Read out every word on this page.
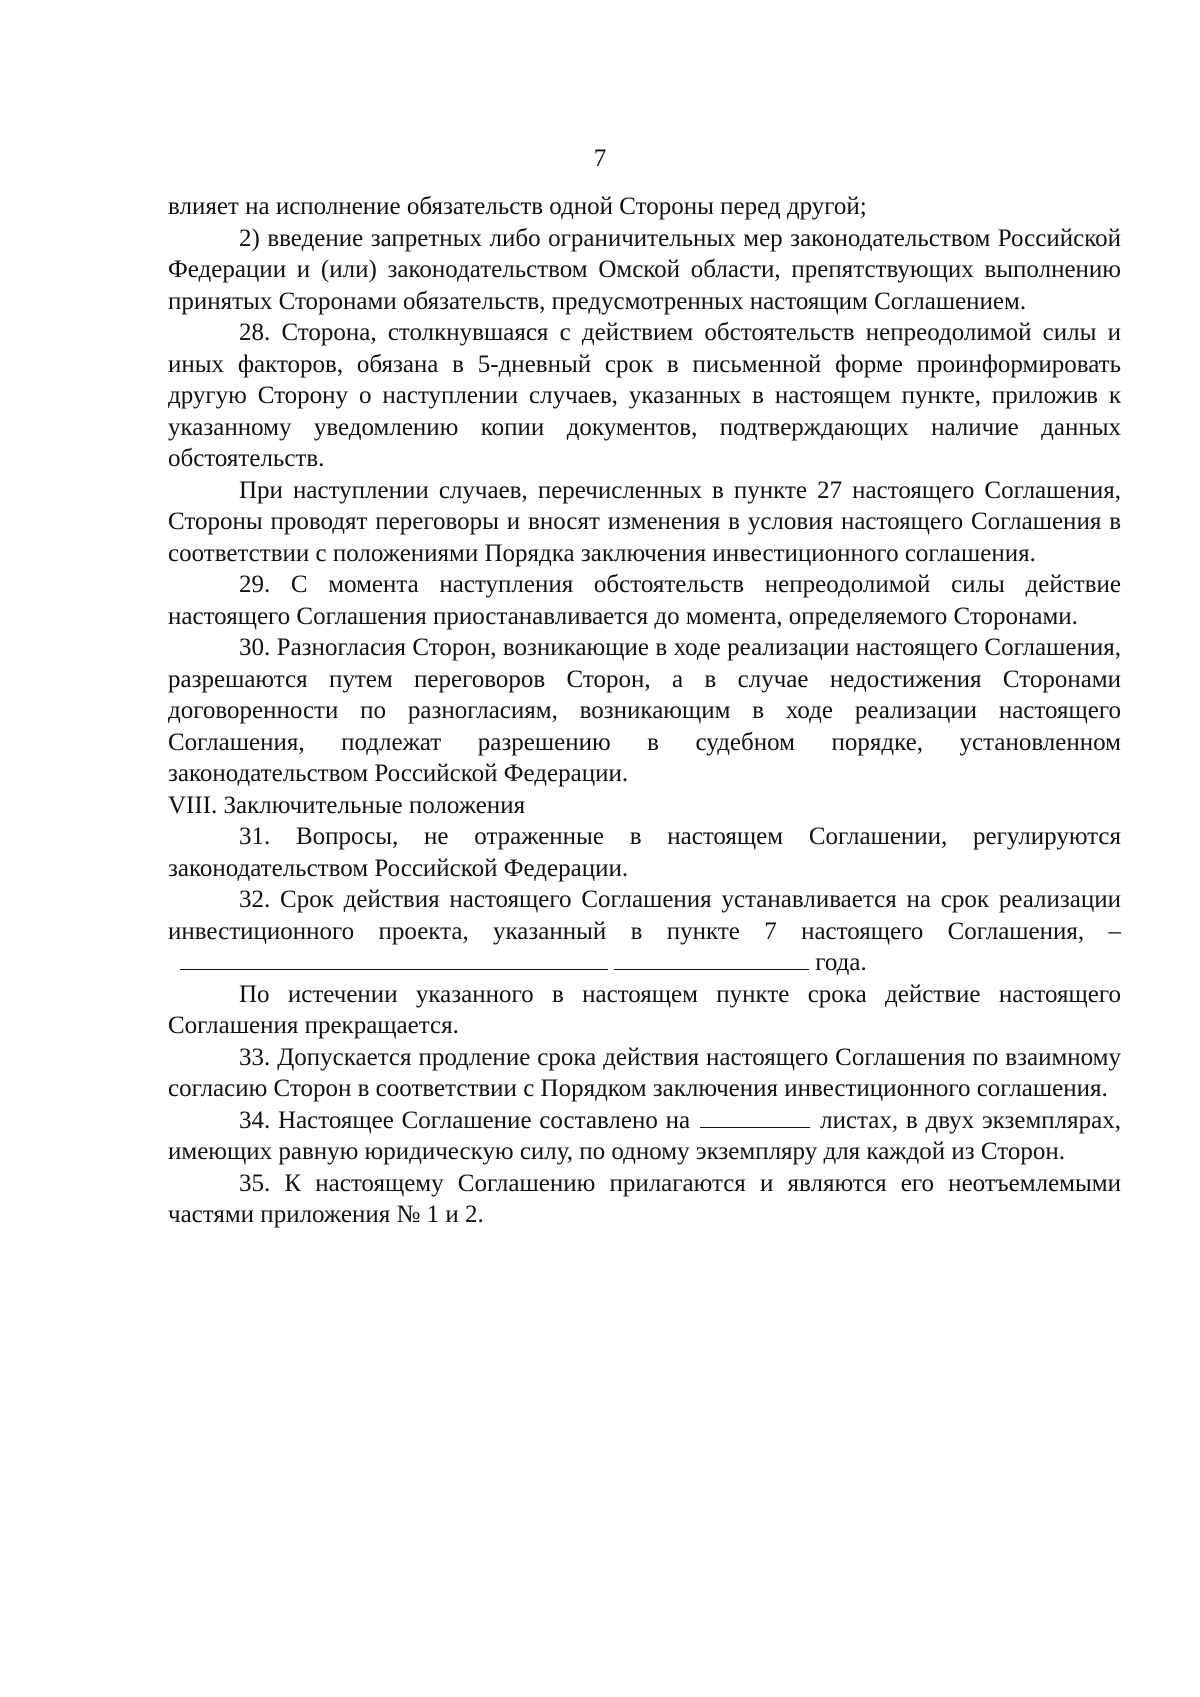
7

влияет на исполнение обязательств одной Стороны перед другой;

2) введение запретных либо ограничительных мер законодательством Российской Федерации и (или) законодательством Омской области, препятствующих выполнению принятых Сторонами обязательств, предусмотренных настоящим Соглашением.

28. Сторона, столкнувшаяся с действием обстоятельств непреодолимой силы и иных факторов, обязана в 5-дневный срок в письменной форме проинформировать другую Сторону о наступлении случаев, указанных в настоящем пункте, приложив к указанному уведомлению копии документов, подтверждающих наличие данных обстоятельств.

При наступлении случаев, перечисленных в пункте 27 настоящего Соглашения, Стороны проводят переговоры и вносят изменения в условия настоящего Соглашения в соответствии с положениями Порядка заключения инвестиционного соглашения.

29. С момента наступления обстоятельств непреодолимой силы действие настоящего Соглашения приостанавливается до момента, определяемого Сторонами.

30. Разногласия Сторон, возникающие в ходе реализации настоящего Соглашения, разрешаются путем переговоров Сторон, а в случае недостижения Сторонами договоренности по разногласиям, возникающим в ходе реализации настоящего Соглашения, подлежат разрешению в судебном порядке, установленном законодательством Российской Федерации.

VIII. Заключительные положения

31. Вопросы, не отраженные в настоящем Соглашении, регулируются законодательством Российской Федерации.

32. Срок действия настоящего Соглашения устанавливается на срок реализации инвестиционного проекта, указанный в пункте 7 настоящего Соглашения, – года.

По истечении указанного в настоящем пункте срока действие настоящего Соглашения прекращается.

33. Допускается продление срока действия настоящего Соглашения по взаимному согласию Сторон в соответствии с Порядком заключения инвестиционного соглашения.

34. Настоящее Соглашение составлено на	листах, в двух экземплярах, имеющих равную юридическую силу, по одному экземпляру для каждой из Сторон.

35. К настоящему Соглашению прилагаются и являются его неотъемлемыми частями приложения № 1 и 2.
